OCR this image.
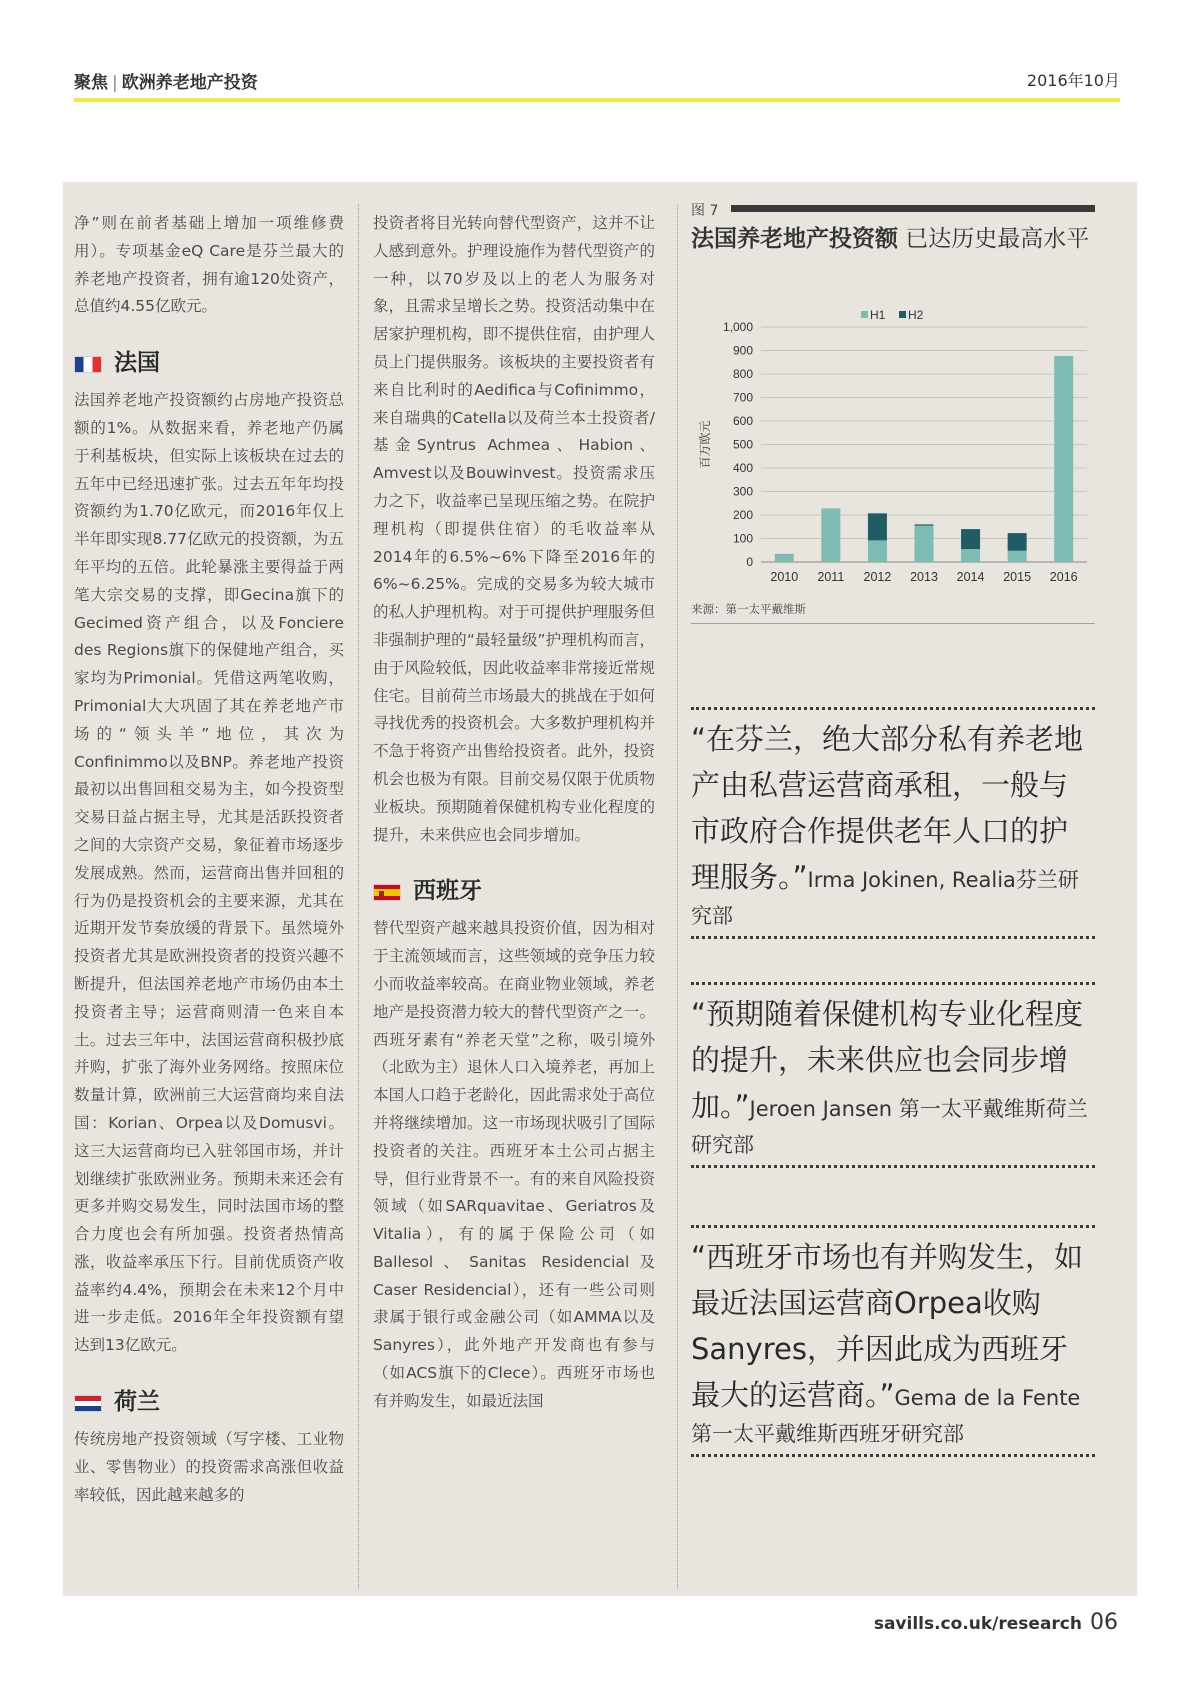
聚焦 | 欧洲养老地产投资	2016年10月

净”则在前者基础上增加一项维修费用）。专项基金eQ Care是芬兰最大的养老地产投资者，拥有逾120处资产，总值约4.55亿欧元。

法国

法国养老地产投资额约占房地产投资总额的1%。从数据来看，养老地产仍属于利基板块，但实际上该板块在过去的五年中已经迅速扩张。过去五年年均投资额约为1.70亿欧元，而2016年仅上半年即实现8.77亿欧元的投资额，为五年平均的五倍。此轮暴涨主要得益于两笔大宗交易的支撑，即Gecina旗下的Gecimed资产组合，以及Fonciere des Regions旗下的保健地产组合，买家均为Primonial。凭借这两笔收购，Primonial大大巩固了其在养老地产市场的“领头羊”地位，其次为Confinimmo以及BNP。养老地产投资最初以出售回租交易为主，如今投资型交易日益占据主导，尤其是活跃投资者之间的大宗资产交易，象征着市场逐步发展成熟。然而，运营商出售并回租的行为仍是投资机会的主要来源，尤其在近期开发节奏放缓的背景下。虽然境外投资者尤其是欧洲投资者的投资兴趣不断提升，但法国养老地产市场仍由本土投资者主导；运营商则清一色来自本土。过去三年中，法国运营商积极抄底并购，扩张了海外业务网络。按照床位数量计算，欧洲前三大运营商均来自法国：Korian、Orpea以及Domusvi。这三大运营商均已入驻邻国市场，并计划继续扩张欧洲业务。预期未来还会有更多并购交易发生，同时法国市场的整合力度也会有所加强。投资者热情高涨，收益率承压下行。目前优质资产收益率约4.4%，预期会在未来12个月中进一步走低。2016年全年投资额有望达到13亿欧元。

荷兰

传统房地产投资领域（写字楼、工业物业、零售物业）的投资需求高涨但收益率较低，因此越来越多的

投资者将目光转向替代型资产，这并不让人感到意外。护理设施作为替代型资产的一种，以70岁及以上的老人为服务对象，且需求呈增长之势。投资活动集中在居家护理机构，即不提供住宿，由护理人员上门提供服务。该板块的主要投资者有来自比利时的Aedifica与Cofinimmo，来自瑞典的Catella以及荷兰本土投资者/基金Syntrus Achmea、Habion、Amvest以及Bouwinvest。投资需求压力之下，收益率已呈现压缩之势。在院护理机构（即提供住宿）的毛收益率从2014年的6.5%~6%下降至2016年的6%~6.25%。完成的交易多为较大城市的私人护理机构。对于可提供护理服务但非强制护理的“最轻量级”护理机构而言，由于风险较低，因此收益率非常接近常规住宅。目前荷兰市场最大的挑战在于如何寻找优秀的投资机会。大多数护理机构并不急于将资产出售给投资者。此外，投资机会也极为有限。目前交易仅限于优质物业板块。预期随着保健机构专业化程度的提升，未来供应也会同步增加。

西班牙

替代型资产越来越具投资价值，因为相对于主流领域而言，这些领域的竞争压力较小而收益率较高。在商业物业领域，养老地产是投资潜力较大的替代型资产之一。西班牙素有“养老天堂”之称，吸引境外（北欧为主）退休人口入境养老，再加上本国人口趋于老龄化，因此需求处于高位并将继续增加。这一市场现状吸引了国际投资者的关注。西班牙本土公司占据主导，但行业背景不一。有的来自风险投资领域（如SARquavitae、Geriatros及Vitalia），有的属于保险公司（如Ballesol、Sanitas Residencial及Caser Residencial），还有一些公司则隶属于银行或金融公司（如AMMA以及Sanyres），此外地产开发商也有参与（如ACS旗下的Clece）。西班牙市场也有并购发生，如最近法国

图 7
法国养老地产投资额 已达历史最高水平
0
100
200
300
400
500
600
700
800
900
1,000
百万欧元
H1 H2
2010 2011 2012 2013 2014 2015 2016
来源：第一太平戴维斯
“在芬兰，绝大部分私有养老地产由私营运营商承租，一般与市政府合作提供老年人口的护理服务。”Irma Jokinen, Realia芬兰研究部
“预期随着保健机构专业化程度的提升，未来供应也会同步增加。”Jeroen Jansen 第一太平戴维斯荷兰研究部
“西班牙市场也有并购发生，如最近法国运营商Orpea收购Sanyres，并因此成为西班牙最大的运营商。”Gema de la Fente 第一太平戴维斯西班牙研究部
savills.co.uk/research 06
